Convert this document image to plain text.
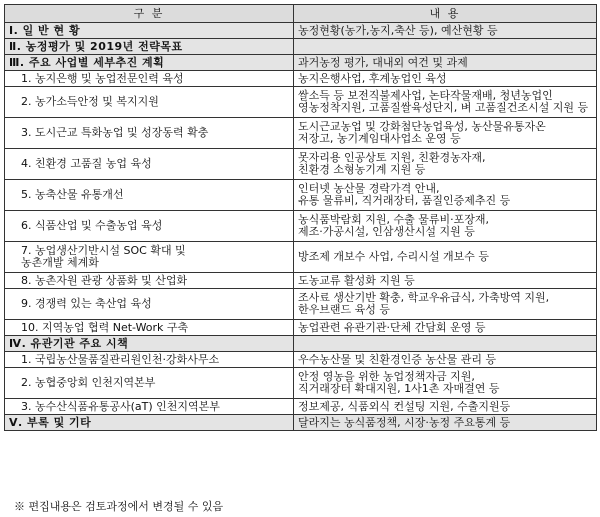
구 분	내 용
Ⅰ. 일 반 현 황	농정현황(농가,농지,축산 등), 예산현황 등
Ⅱ. 농정평가 및 2019년 전략목표	
Ⅲ. 주요 사업별 세부추진 계획	과거농정 평가, 대내외 여건 및 과제
1. 농지은행 및 농업전문인력 육성	농지은행사업, 후계농업인 육성
2. 농가소득안정 및 복지지원	쌀소득 등 보전직불제사업, 논타작물재배, 청년농업인
영농정착지원, 고품질쌀육성단지, 벼 고품질건조시설 지원 등
3. 도시근교 특화농업 및 성장동력 확충	도시근교농업 및 강화첨단농업육성, 농산물유통자온
저장고, 농기계임대사업소 운영 등
4. 친환경 고품질 농업 육성	못자리용 인공상토 지원, 친환경농자재,
친환경 소형농기계 지원 등
5. 농축산물 유통개선	인터넷 농산물 경락가격 안내,
유통 물류비, 직거래장터, 품질인증제추진 등
6. 식품산업 및 수출농업 육성	농식품박람회 지원, 수출 물류비·포장재,
제조·가공시설, 인삼생산시설 지원 등
7. 농업생산기반시설 SOC 확대 및
농촌개발 체계화	방조제 개보수 사업, 수리시설 개보수 등
8. 농촌자원 관광 상품화 및 산업화	도농교류 활성화 지원 등
9. 경쟁력 있는 축산업 육성	조사료 생산기반 확충, 학교우유급식, 가축방역 지원,
한우브랜드 육성 등
10. 지역농업 협력 Net-Work 구축	농업관련 유관기관·단체 간담회 운영 등
Ⅳ. 유관기관 주요 시책	
1. 국립농산물품질관리원인천·강화사무소	우수농산물 및 친환경인증 농산물 관리 등
2. 농협중앙회 인천지역본부	안정 영농을 위한 농업정책자금 지원,
직거래장터 확대지원, 1사1촌 자매결연 등
3. 농수산식품유통공사(aT) 인천지역본부	정보제공, 식품외식 컨설팅 지원, 수출지원등
Ⅴ. 부록 및 기타	달라지는 농식품정책, 시장·농정 주요통계 등
※ 편집내용은 검토과정에서 변경될 수 있음
